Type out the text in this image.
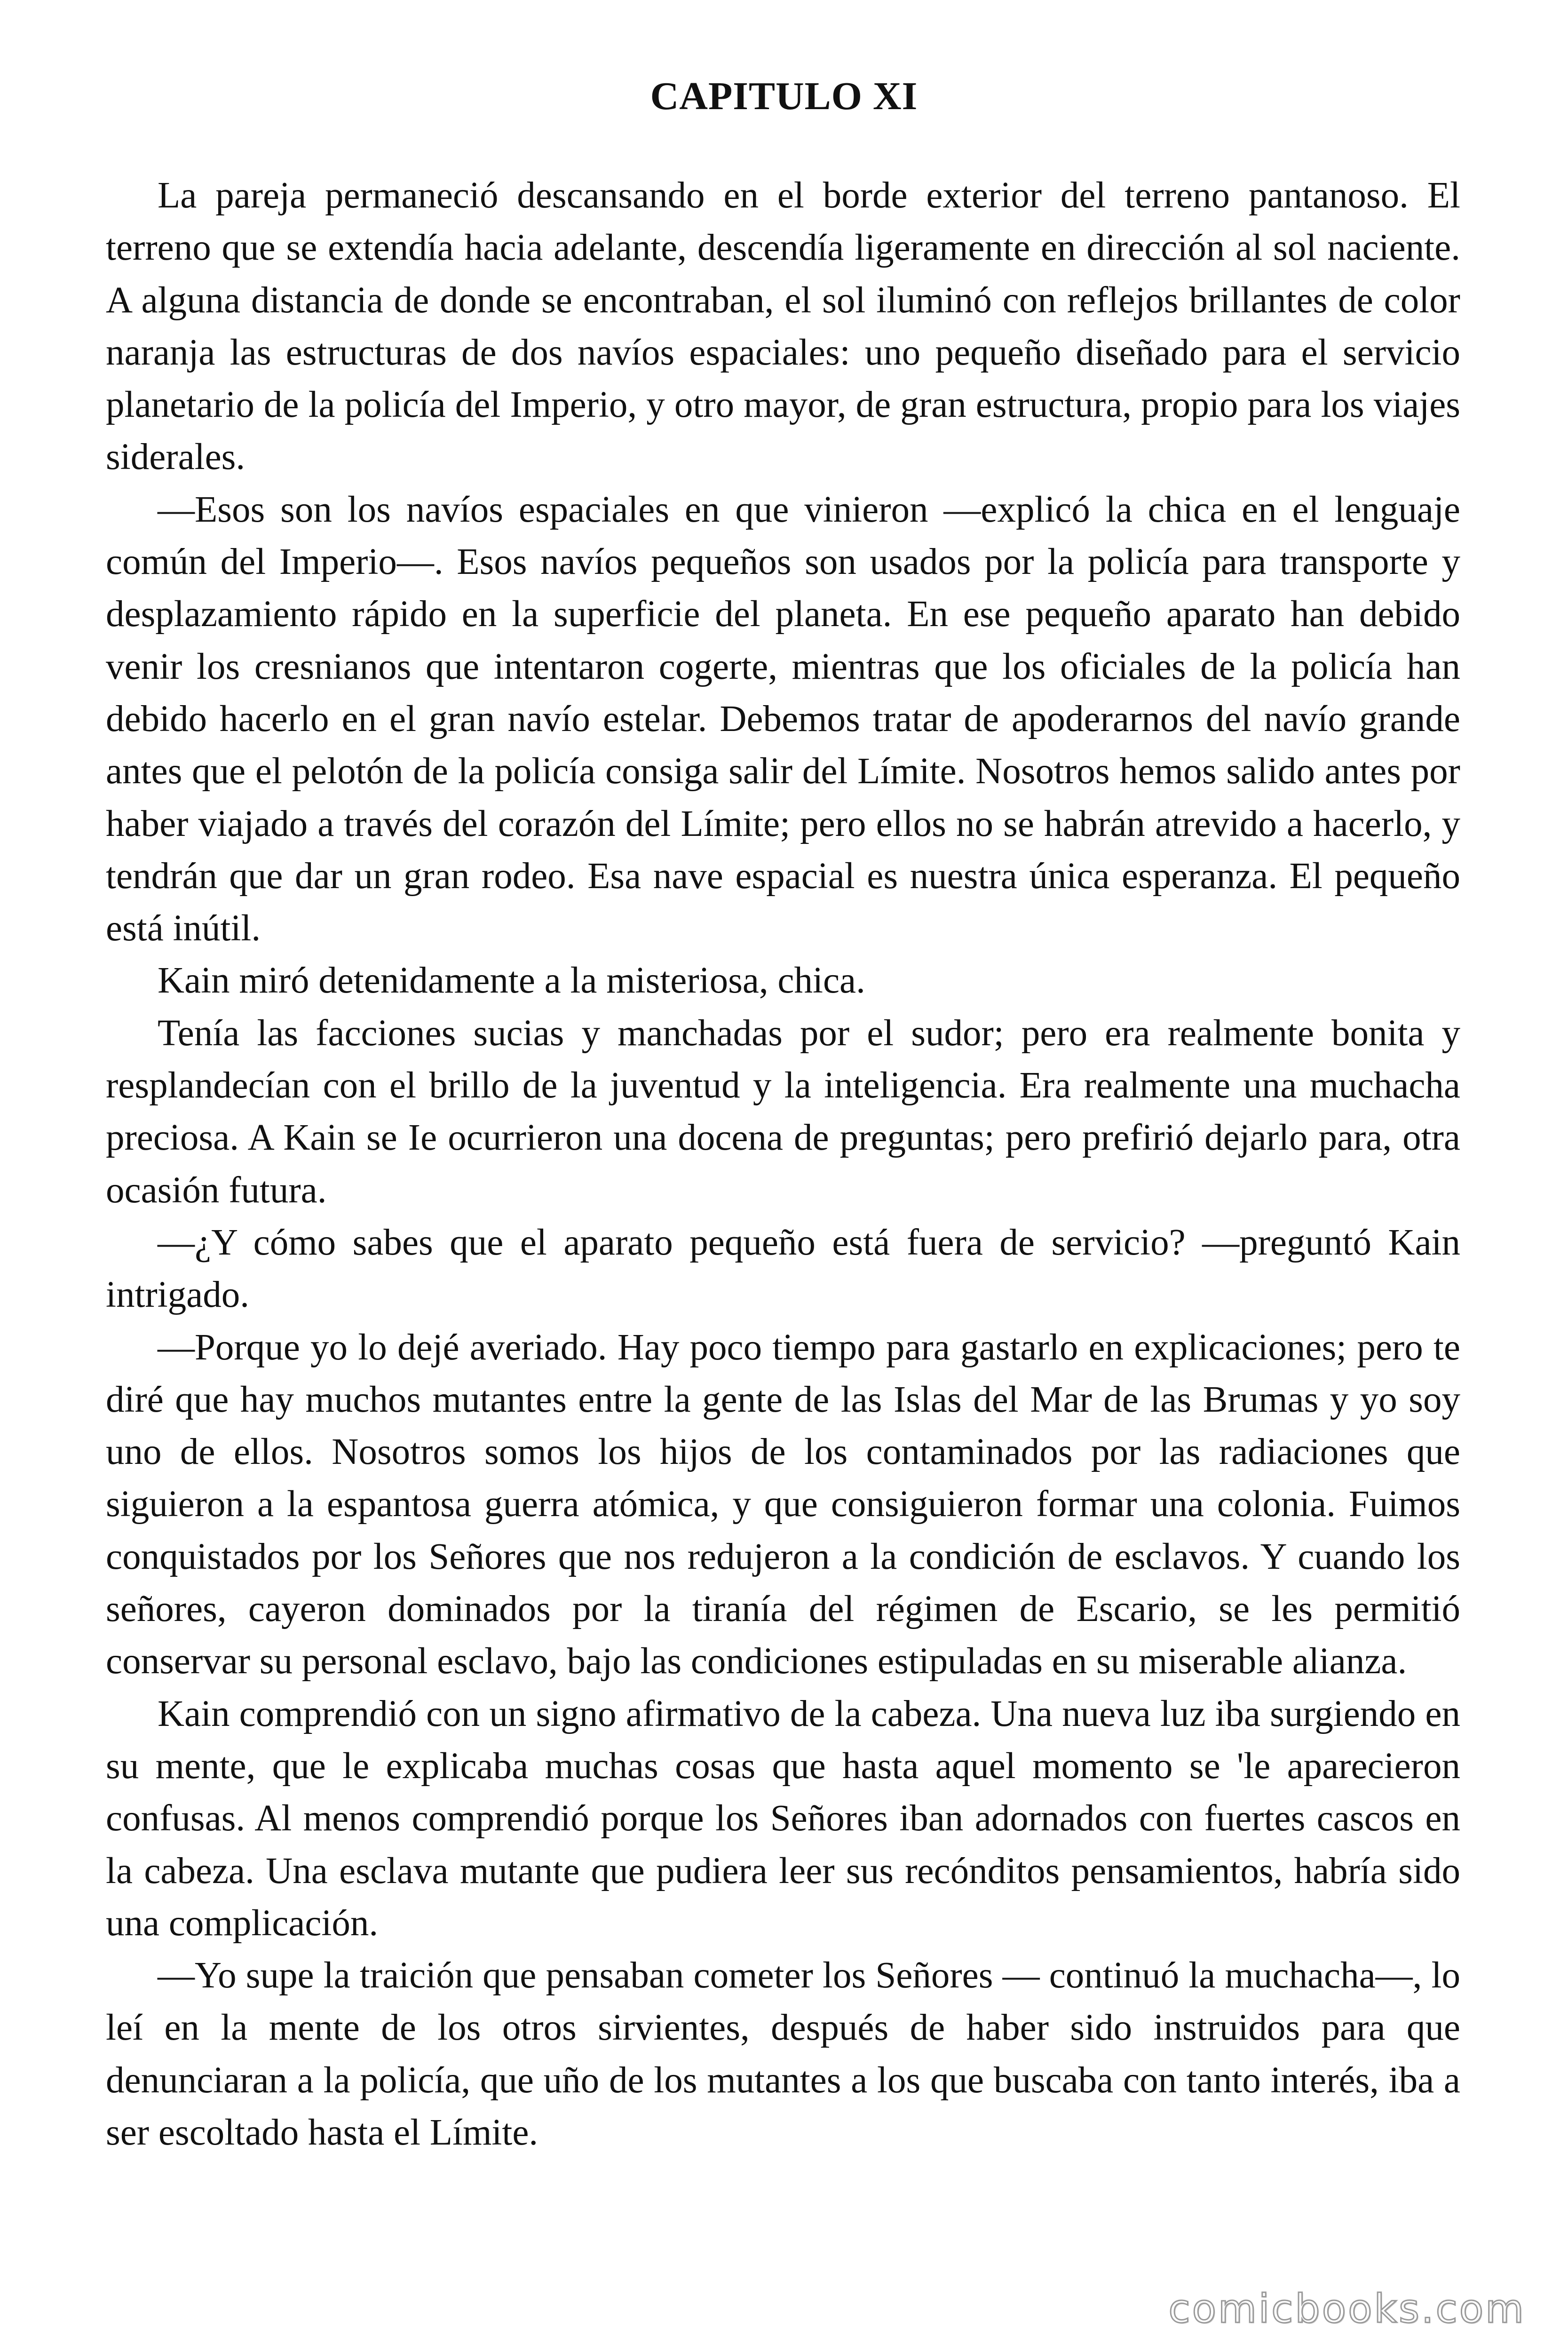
CAPITULO XI

La pareja permaneció descansando en el borde exterior del terreno pantanoso. El terreno que se extendía hacia adelante, descendía ligeramente en dirección al sol naciente. A alguna distancia de donde se encontraban, el sol iluminó con reflejos brillantes de color naranja las estructuras de dos navíos espaciales: uno pequeño diseñado para el servicio planetario de la policía del Imperio, y otro mayor, de gran estructura, propio para los viajes siderales.

—Esos son los navíos espaciales en que vinieron —explicó la chica en el lenguaje común del Imperio—. Esos navíos pequeños son usados por la policía para transporte y desplazamiento rápido en la superficie del planeta. En ese pequeño aparato han debido venir los cresnianos que intentaron cogerte, mientras que los oficiales de la policía han debido hacerlo en el gran navío estelar. Debemos tratar de apoderarnos del navío grande antes que el pelotón de la policía consiga salir del Límite. Nosotros hemos salido antes por haber viajado a través del corazón del Límite; pero ellos no se habrán atrevido a hacerlo, y tendrán que dar un gran rodeo. Esa nave espacial es nuestra única esperanza. El pequeño está inútil.

Kain miró detenidamente a la misteriosa, chica.

Tenía las facciones sucias y manchadas por el sudor; pero era realmente bonita y resplandecían con el brillo de la juventud y la inteligencia. Era realmente una muchacha preciosa. A Kain se Ie ocurrieron una docena de preguntas; pero prefirió dejarlo para, otra ocasión futura.

—¿Y cómo sabes que el aparato pequeño está fuera de servicio? —preguntó Kain intrigado.

—Porque yo lo dejé averiado. Hay poco tiempo para gastarlo en explicaciones; pero te diré que hay muchos mutantes entre la gente de las Islas del Mar de las Brumas y yo soy uno de ellos. Nosotros somos los hijos de los contaminados por las radiaciones que siguieron a la espantosa guerra atómica, y que consiguieron formar una colonia. Fuimos conquistados por los Señores que nos redujeron a la condición de esclavos. Y cuando los señores, cayeron dominados por la tiranía del régimen de Escario, se les permitió conservar su personal esclavo, bajo las condiciones estipuladas en su miserable alianza.

Kain comprendió con un signo afirmativo de la cabeza. Una nueva luz iba surgiendo en su mente, que le explicaba muchas cosas que hasta aquel momento se 'le aparecieron confusas. Al menos comprendió porque los Señores iban adornados con fuertes cascos en la cabeza. Una esclava mutante que pudiera leer sus recónditos pensamientos, habría sido una complicación.

—Yo supe la traición que pensaban cometer los Señores — continuó la muchacha—, lo leí en la mente de los otros sirvientes, después de haber sido instruidos para que denunciaran a la policía, que uño de los mutantes a los que buscaba con tanto interés, iba a ser escoltado hasta el Límite.

comicbooks.com
